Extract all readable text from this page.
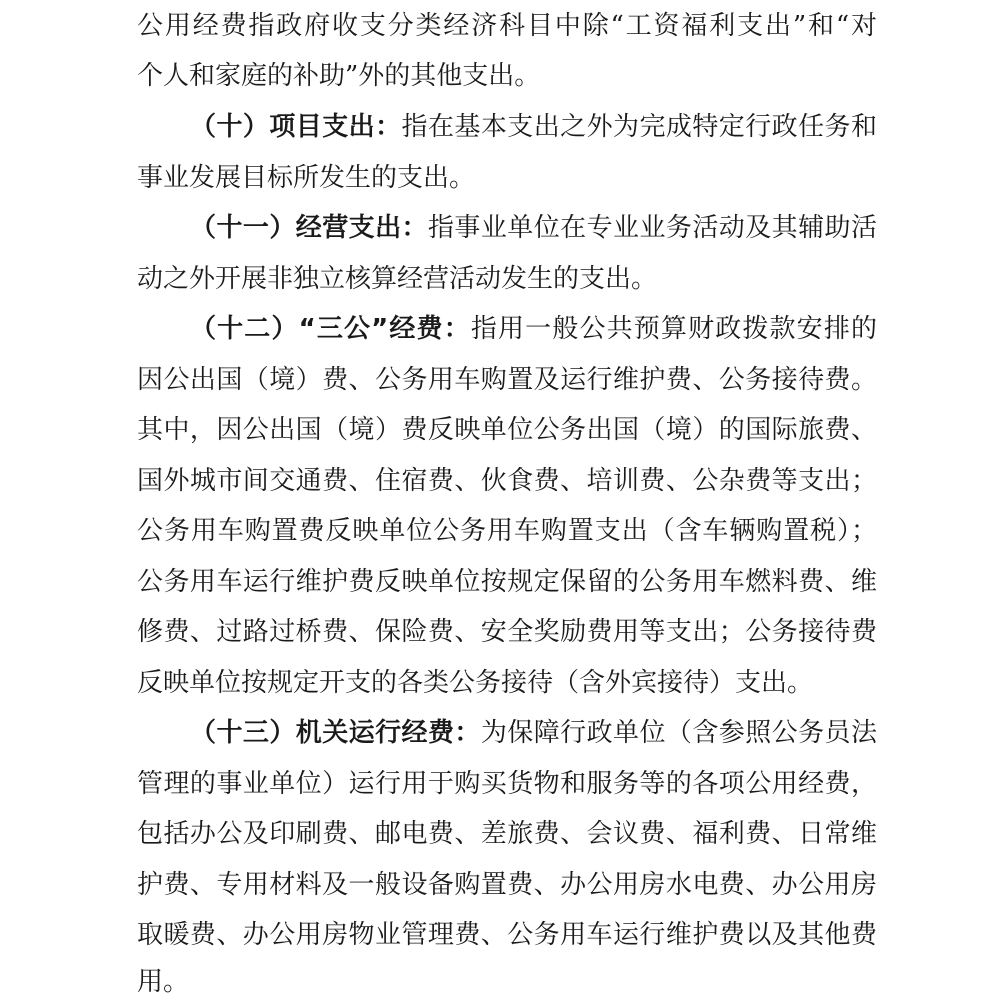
公用经费指政府收支分类经济科目中除“工资福利支出”和“对
个人和家庭的补助”外的其他支出。
（十）项目支出：指在基本支出之外为完成特定行政任务和
事业发展目标所发生的支出。
（十一）经营支出：指事业单位在专业业务活动及其辅助活
动之外开展非独立核算经营活动发生的支出。
（十二）“三公”经费：指用一般公共预算财政拨款安排的
因公出国（境）费、公务用车购置及运行维护费、公务接待费。
其中，因公出国（境）费反映单位公务出国（境）的国际旅费、
国外城市间交通费、住宿费、伙食费、培训费、公杂费等支出；
公务用车购置费反映单位公务用车购置支出（含车辆购置税）；
公务用车运行维护费反映单位按规定保留的公务用车燃料费、维
修费、过路过桥费、保险费、安全奖励费用等支出；公务接待费
反映单位按规定开支的各类公务接待（含外宾接待）支出。
（十三）机关运行经费：为保障行政单位（含参照公务员法
管理的事业单位）运行用于购买货物和服务等的各项公用经费，
包括办公及印刷费、邮电费、差旅费、会议费、福利费、日常维
护费、专用材料及一般设备购置费、办公用房水电费、办公用房
取暖费、办公用房物业管理费、公务用车运行维护费以及其他费
用。
